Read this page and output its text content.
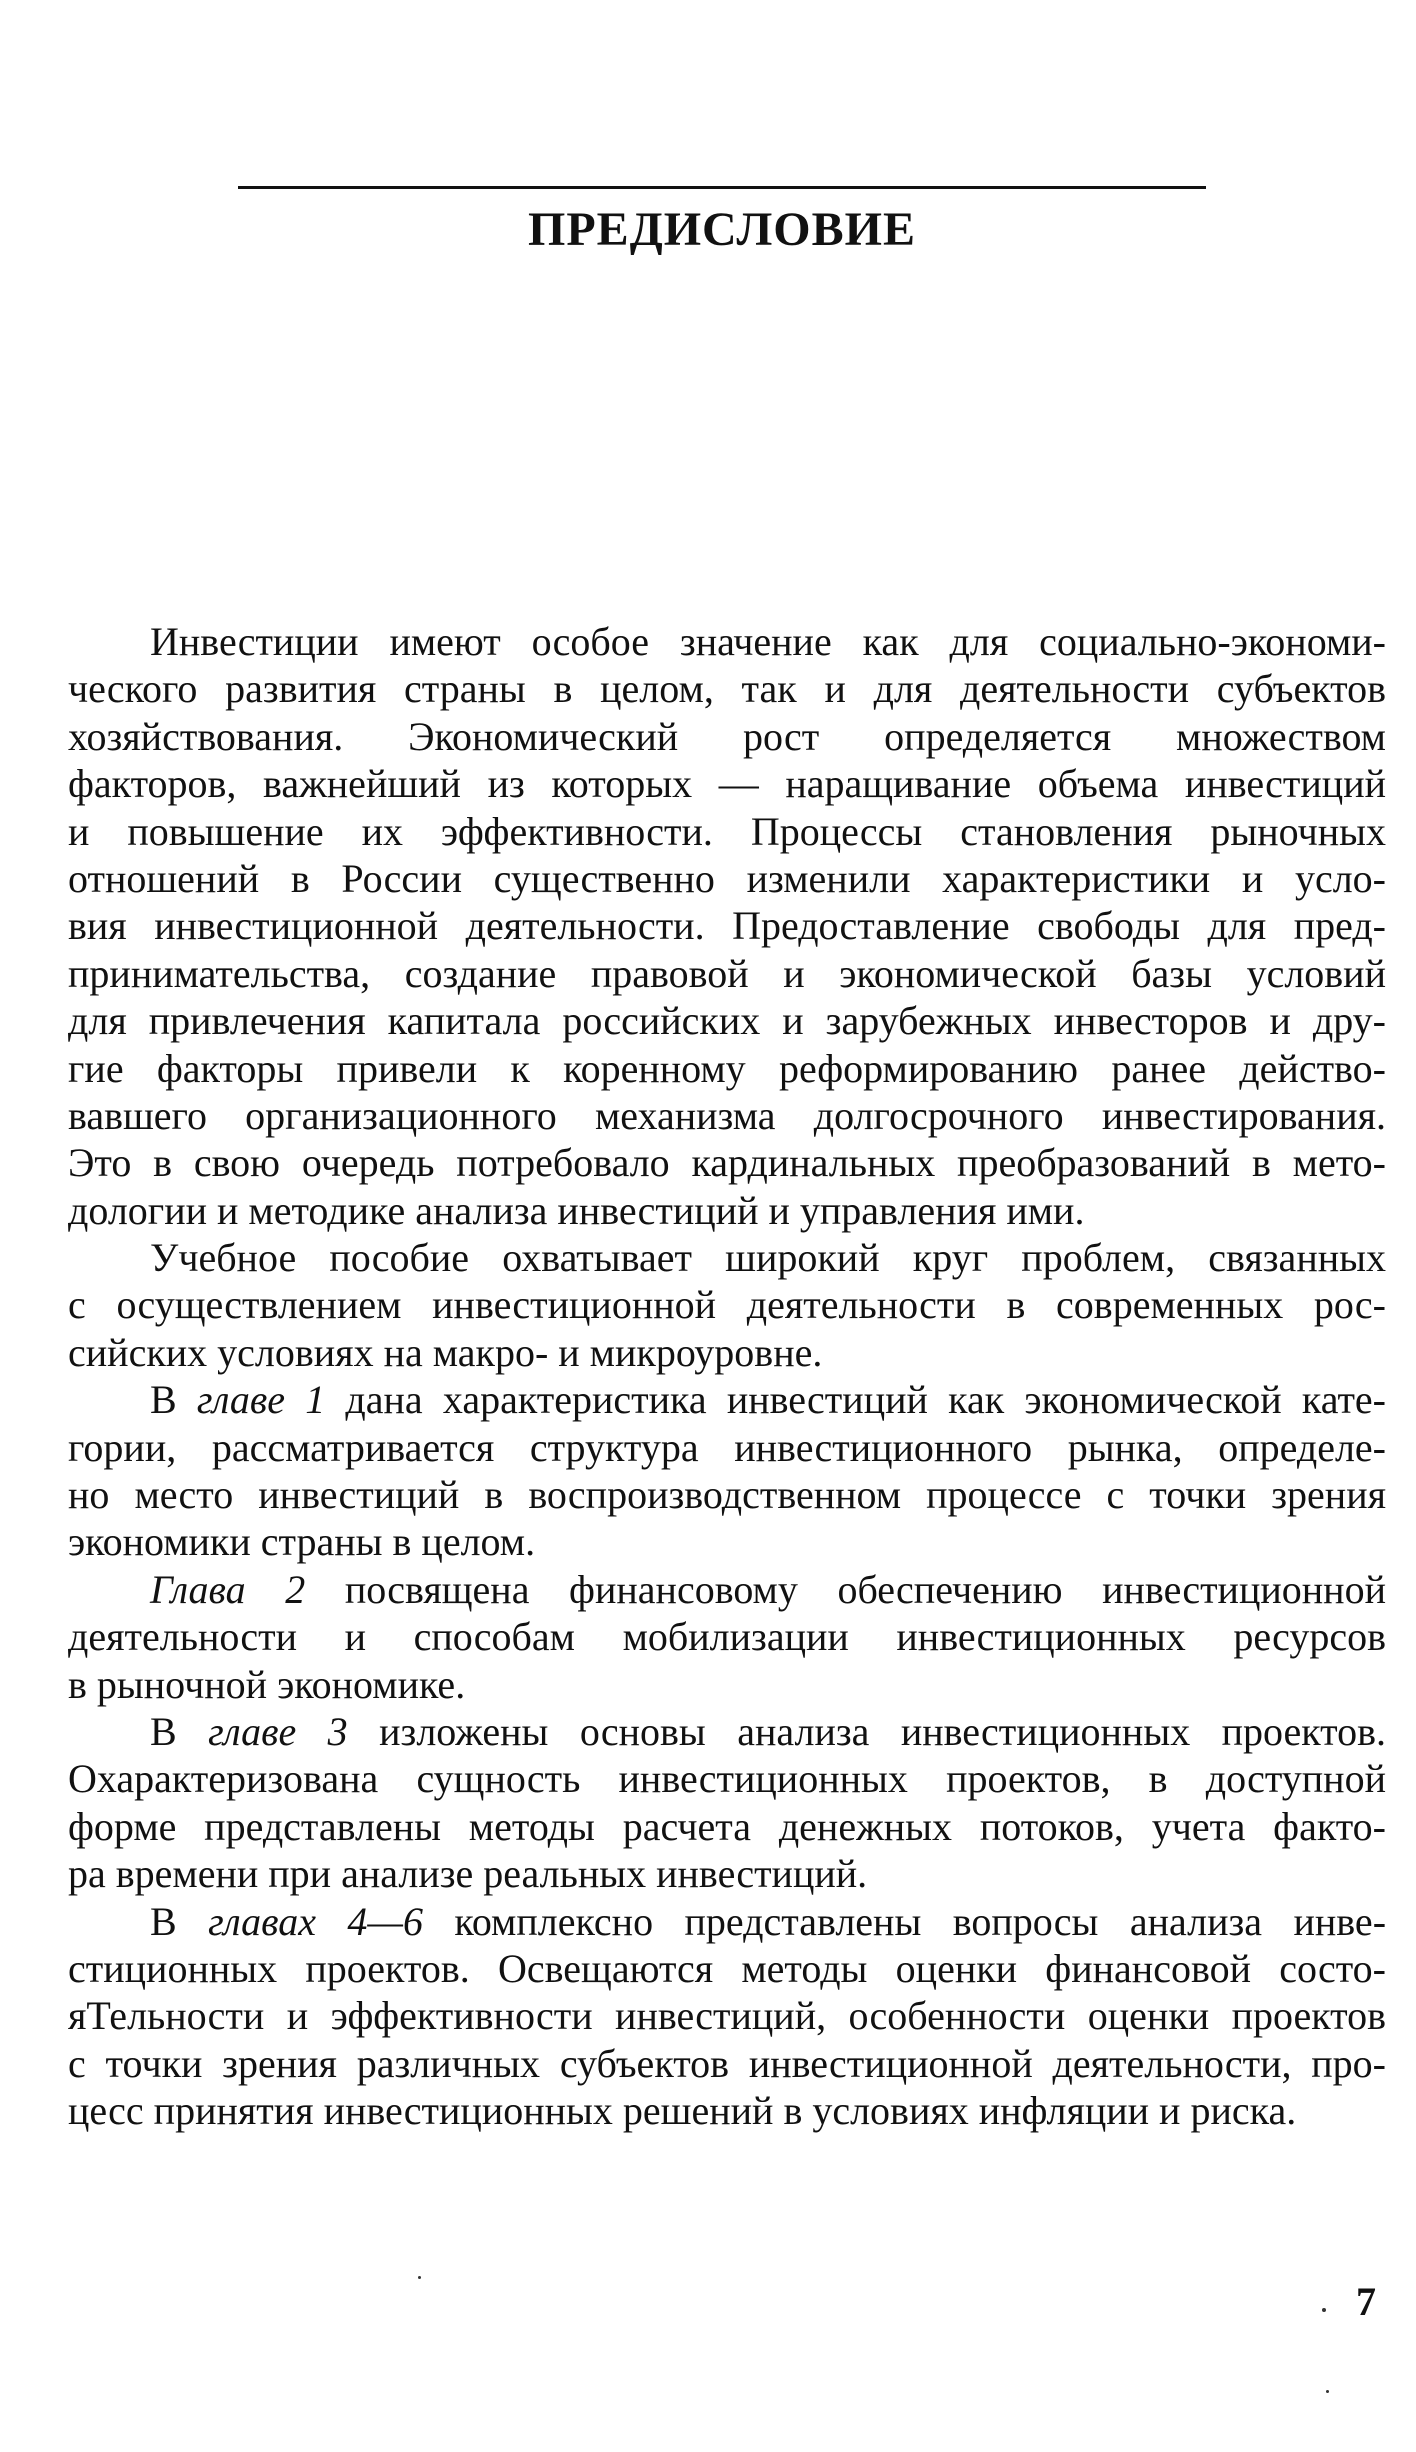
ПРЕДИСЛОВИЕ
Инвестиции имеют особое значение как для социально-экономи-
ческого развития страны в целом, так и для деятельности субъектов
хозяйствования. Экономический рост определяется множеством
факторов, важнейший из которых — наращивание объема инвестиций
и повышение их эффективности. Процессы становления рыночных
отношений в России существенно изменили характеристики и усло-
вия инвестиционной деятельности. Предоставление свободы для пред-
принимательства, создание правовой и экономической базы условий
для привлечения капитала российских и зарубежных инвесторов и дру-
гие факторы привели к коренному реформированию ранее действо-
вавшего организационного механизма долгосрочного инвестирования.
Это в свою очередь потребовало кардинальных преобразований в мето-
дологии и методике анализа инвестиций и управления ими.
Учебное пособие охватывает широкий круг проблем, связанных
с осуществлением инвестиционной деятельности в современных рос-
сийских условиях на макро- и микроуровне.
В главе 1 дана характеристика инвестиций как экономической кате-
гории, рассматривается структура инвестиционного рынка, определе-
но место инвестиций в воспроизводственном процессе с точки зрения
экономики страны в целом.
Глава 2 посвящена финансовому обеспечению инвестиционной
деятельности и способам мобилизации инвестиционных ресурсов
в рыночной экономике.
В главе 3 изложены основы анализа инвестиционных проектов.
Охарактеризована сущность инвестиционных проектов, в доступной
форме представлены методы расчета денежных потоков, учета факто-
ра времени при анализе реальных инвестиций.
В главах 4—6 комплексно представлены вопросы анализа инве-
стиционных проектов. Освещаются методы оценки финансовой состо-
яТельности и эффективности инвестиций, особенности оценки проектов
с точки зрения различных субъектов инвестиционной деятельности, про-
цесс принятия инвестиционных решений в условиях инфляции и риска.
7
